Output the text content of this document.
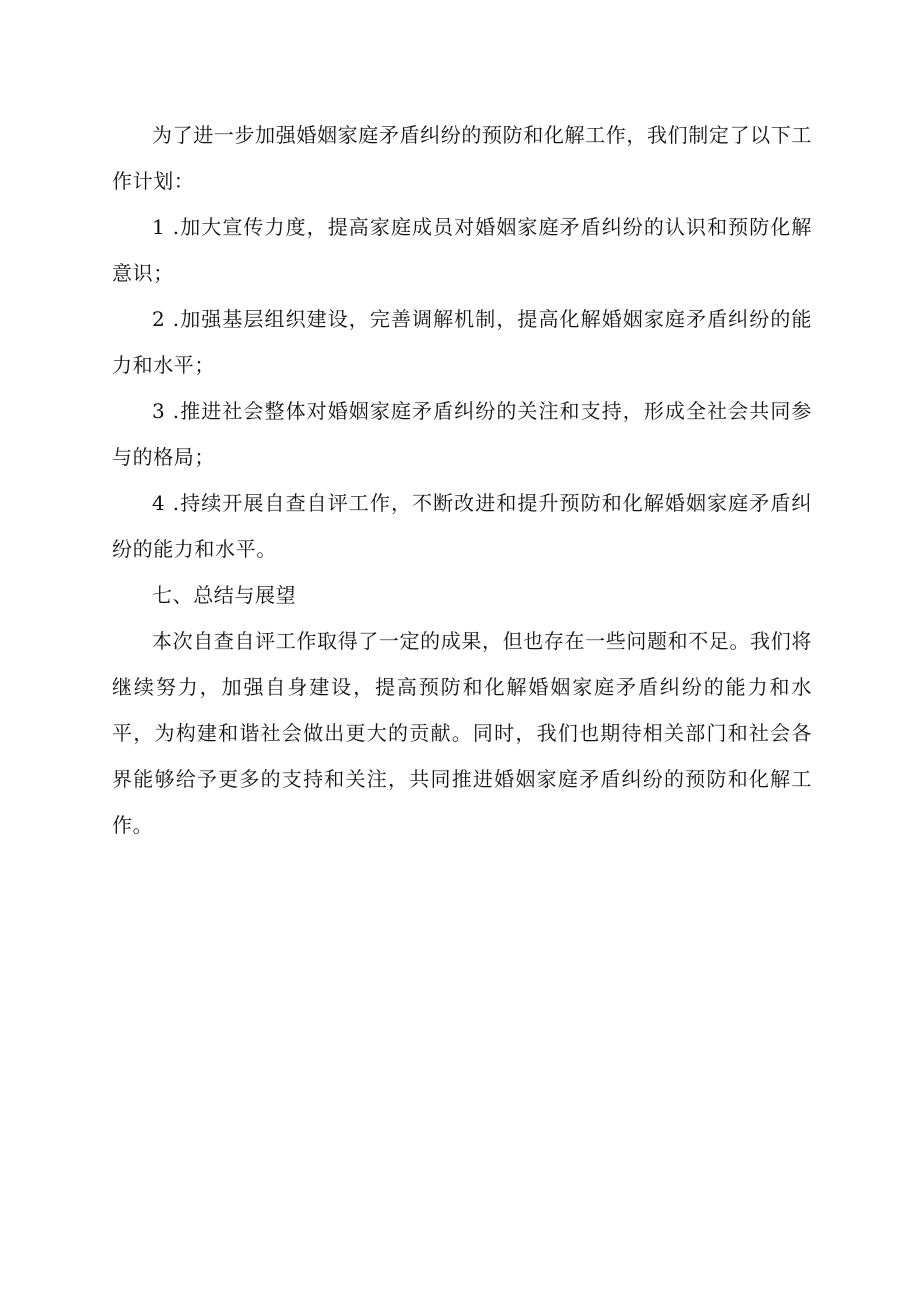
为了进一步加强婚姻家庭矛盾纠纷的预防和化解工作，我们制定了以下工作计划：

1 .加大宣传力度，提高家庭成员对婚姻家庭矛盾纠纷的认识和预防化解意识；

2 .加强基层组织建设，完善调解机制，提高化解婚姻家庭矛盾纠纷的能力和水平；

3 .推进社会整体对婚姻家庭矛盾纠纷的关注和支持，形成全社会共同参与的格局；

4 .持续开展自查自评工作，不断改进和提升预防和化解婚姻家庭矛盾纠纷的能力和水平。

七、总结与展望

本次自查自评工作取得了一定的成果，但也存在一些问题和不足。我们将继续努力，加强自身建设，提高预防和化解婚姻家庭矛盾纠纷的能力和水平，为构建和谐社会做出更大的贡献。同时，我们也期待相关部门和社会各界能够给予更多的支持和关注，共同推进婚姻家庭矛盾纠纷的预防和化解工作。
